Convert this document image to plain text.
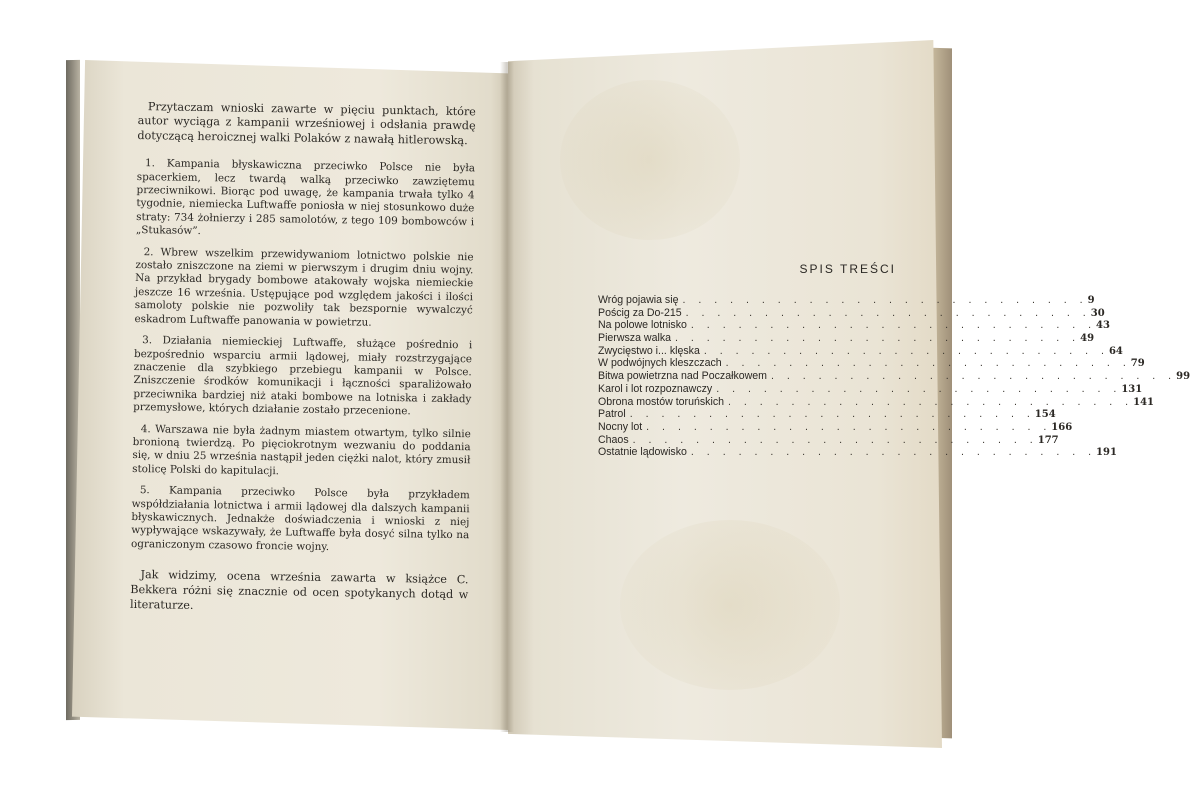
Przytaczam wnioski zawarte w pięciu punktach, które autor wyciąga z kampanii wrześniowej i odsłania prawdę dotyczącą heroicznej walki Polaków z nawałą hitlerowską.

1. Kampania błyskawiczna przeciwko Polsce nie była spacerkiem, lecz twardą walką przeciwko zawziętemu przeciwnikowi. Biorąc pod uwagę, że kampania trwała tylko 4 tygodnie, niemiecka Luftwaffe poniosła w niej stosunkowo duże straty: 734 żołnierzy i 285 samolotów, z tego 109 bombowców i „Stukasów”.

2. Wbrew wszelkim przewidywaniom lotnictwo polskie nie zostało zniszczone na ziemi w pierwszym i drugim dniu wojny. Na przykład brygady bombowe atakowały wojska niemieckie jeszcze 16 września. Ustępujące pod względem jakości i ilości samoloty polskie nie pozwoliły tak bezspornie wywalczyć eskadrom Luftwaffe panowania w powietrzu.

3. Działania niemieckiej Luftwaffe, służące pośrednio i bezpośrednio wsparciu armii lądowej, miały rozstrzygające znaczenie dla szybkiego przebiegu kampanii w Polsce. Zniszczenie środków komunikacji i łączności sparaliżowało przeciwnika bardziej niż ataki bombowe na lotniska i zakłady przemysłowe, których działanie zostało przecenione.

4. Warszawa nie była żadnym miastem otwartym, tylko silnie bronioną twierdzą. Po pięciokrotnym wezwaniu do poddania się, w dniu 25 września nastąpił jeden ciężki nalot, który zmusił stolicę Polski do kapitulacji.

5. Kampania przeciwko Polsce była przykładem współdziałania lotnictwa i armii lądowej dla dalszych kampanii błyskawicznych. Jednakże doświadczenia i wnioski z niej wypływające wskazywały, że Luftwaffe była dosyć silna tylko na ograniczonym czasowo froncie wojny.

Jak widzimy, ocena września zawarta w książce C. Bekkera różni się znacznie od ocen spotykanych dotąd w literaturze.

SPIS TREŚCI
Wróg pojawia się . . . . . . . . . . . . . . . . . . . . . . . . . . 9
Pościg za Do-215 . . . . . . . . . . . . . . . . . . . . . . . . . . 30
Na polowe lotnisko . . . . . . . . . . . . . . . . . . . . . . . . . . 43
Pierwsza walka . . . . . . . . . . . . . . . . . . . . . . . . . . 49
Zwycięstwo i... klęska . . . . . . . . . . . . . . . . . . . . . . . . . . 64
W podwójnych kleszczach . . . . . . . . . . . . . . . . . . . . . . . . . . 79
Bitwa powietrzna nad Poczałkowem . . . . . . . . . . . . . . . . . . . . . . . . . . 99
Karol i lot rozpoznawczy . . . . . . . . . . . . . . . . . . . . . . . . . . 131
Obrona mostów toruńskich . . . . . . . . . . . . . . . . . . . . . . . . . . 141
Patrol . . . . . . . . . . . . . . . . . . . . . . . . . . 154
Nocny lot . . . . . . . . . . . . . . . . . . . . . . . . . . 166
Chaos . . . . . . . . . . . . . . . . . . . . . . . . . . 177
Ostatnie lądowisko . . . . . . . . . . . . . . . . . . . . . . . . . . 191
